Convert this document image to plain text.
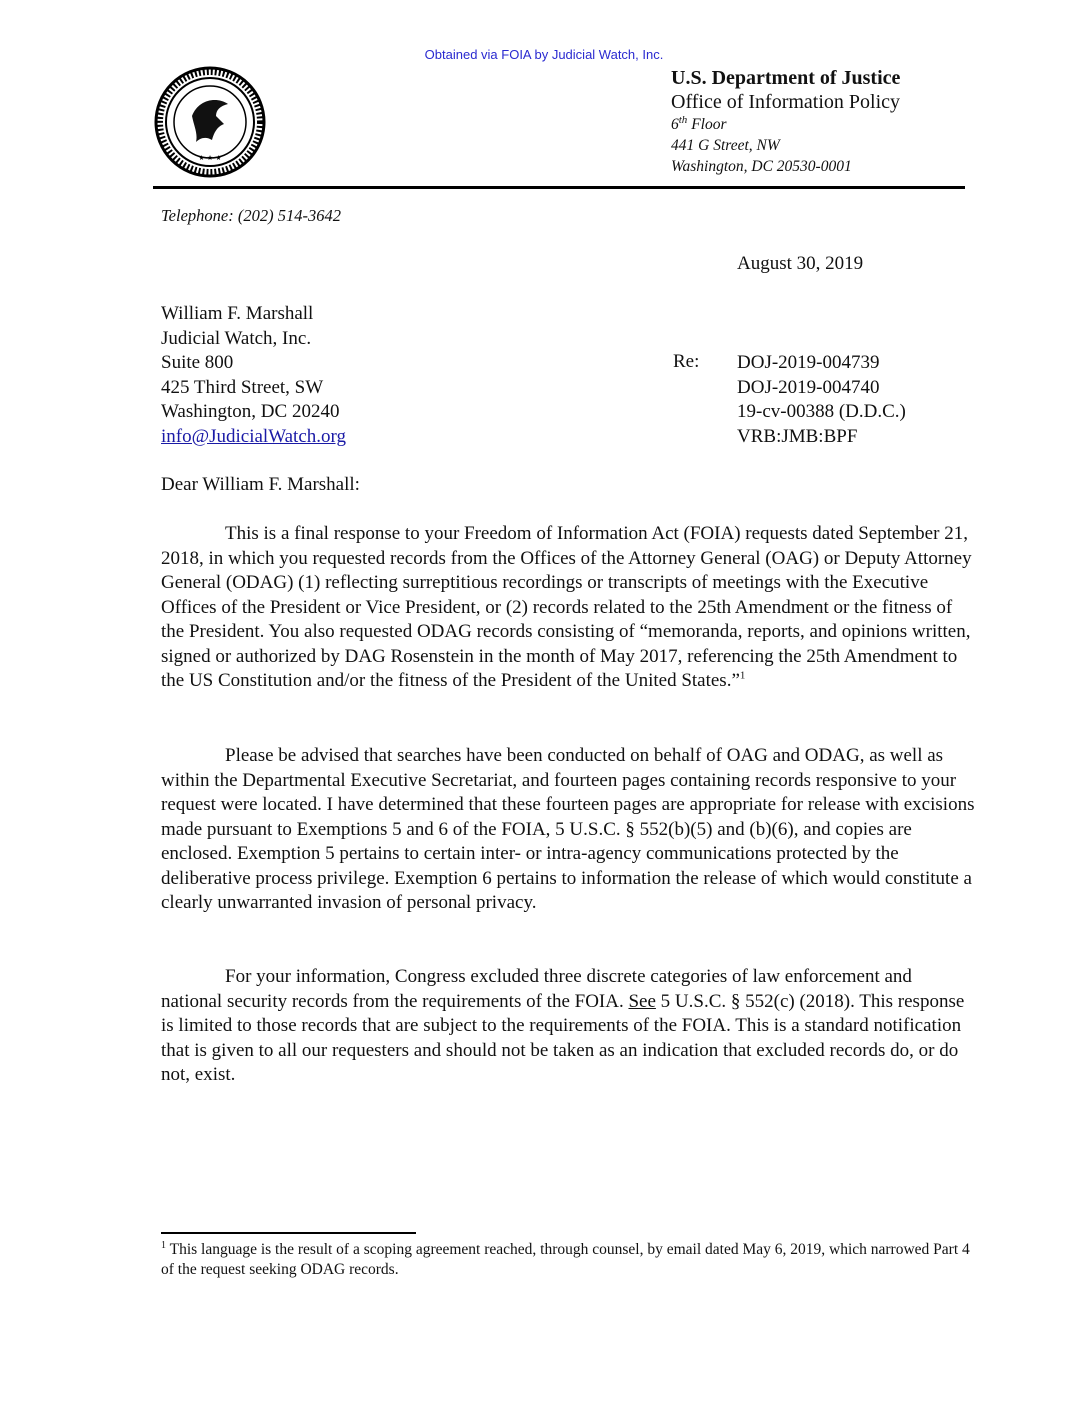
Obtained via FOIA by Judicial Watch, Inc.
★ ★ ★
U.S. Department of Justice
Office of Information Policy
6th Floor
441 G Street, NW
Washington, DC 20530-0001
Telephone: (202) 514-3642
August 30, 2019
William F. Marshall
Judicial Watch, Inc.
Suite 800
425 Third Street, SW
Washington, DC 20240
info@JudicialWatch.org
Re: DOJ-2019-004739
DOJ-2019-004740
19-cv-00388 (D.D.C.)
VRB:JMB:BPF
Dear William F. Marshall:
This is a final response to your Freedom of Information Act (FOIA) requests dated September 21, 2018, in which you requested records from the Offices of the Attorney General (OAG) or Deputy Attorney General (ODAG) (1) reflecting surreptitious recordings or transcripts of meetings with the Executive Offices of the President or Vice President, or (2) records related to the 25th Amendment or the fitness of the President. You also requested ODAG records consisting of “memoranda, reports, and opinions written, signed or authorized by DAG Rosenstein in the month of May 2017, referencing the 25th Amendment to the US Constitution and/or the fitness of the President of the United States.”$^1$
Please be advised that searches have been conducted on behalf of OAG and ODAG, as well as within the Departmental Executive Secretariat, and fourteen pages containing records responsive to your request were located. I have determined that these fourteen pages are appropriate for release with excisions made pursuant to Exemptions 5 and 6 of the FOIA, 5 U.S.C. § 552(b)(5) and (b)(6), and copies are enclosed. Exemption 5 pertains to certain inter- or intra-agency communications protected by the deliberative process privilege. Exemption 6 pertains to information the release of which would constitute a clearly unwarranted invasion of personal privacy.
For your information, Congress excluded three discrete categories of law enforcement and national security records from the requirements of the FOIA. See 5 U.S.C. § 552(c) (2018). This response is limited to those records that are subject to the requirements of the FOIA. This is a standard notification that is given to all our requesters and should not be taken as an indication that excluded records do, or do not, exist.
$^1$ This language is the result of a scoping agreement reached, through counsel, by email dated May 6, 2019, which narrowed Part 4 of the request seeking ODAG records.
